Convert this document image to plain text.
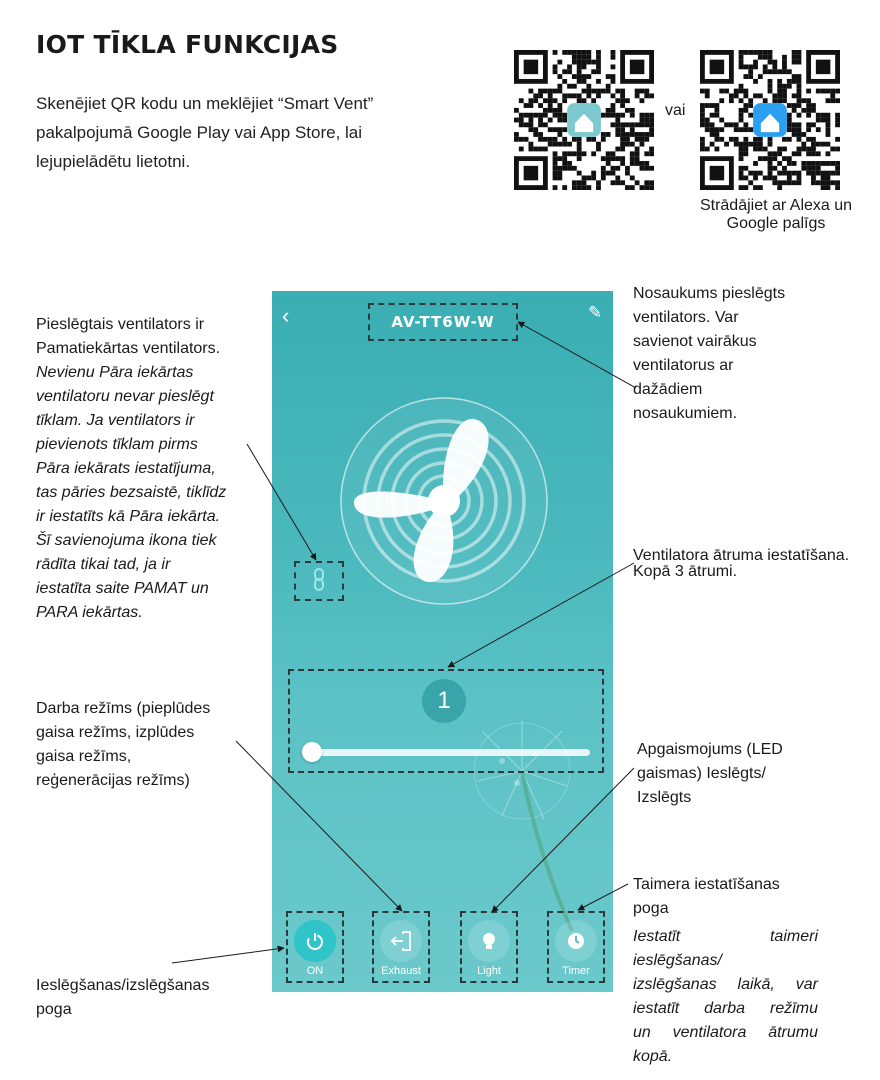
IOT TĪKLA FUNKCIJAS
Skenējiet QR kodu un meklējiet “Smart Vent” pakalpojumā Google Play vai App Store, lai lejupielādētu lietotni.
vai
Strādājiet ar Alexa un
Google palīgs
‹	AV-TT6W-W	✎
1
ON	Exhaust	Light	Timer
Pieslēgtais ventilators ir
Pamatiekārtas ventilators.
Nevienu Pāra iekārtas
ventilatoru nevar pieslēgt
tīklam. Ja ventilators ir
pievienots tīklam pirms
Pāra iekārats iestatījuma,
tas pāries bezsaistē, tiklīdz
ir iestatīts kā Pāra iekārta.
Šī savienojuma ikona tiek
rādīta tikai tad, ja ir
iestatīta saite PAMAT un
PARA iekārtas.
Nosaukums pieslēgts
ventilators. Var
savienot vairākus
ventilatorus ar
dažādiem
nosaukumiem.
Ventilatora ātruma iestatīšana.
Kopā 3 ātrumi.
Darba režīms (pieplūdes
gaisa režīms, izplūdes
gaisa režīms,
reģenerācijas režīms)
Apgaismojums (LED
gaismas) Ieslēgts/
Izslēgts
Taimera iestatīšanas
poga
Iestatīt taimeri
ieslēgšanas/
izslēgšanas laikā, var
iestatīt darba režīmu
un ventilatora ātrumu
kopā.
Ieslēgšanas/izslēgšanas
poga
